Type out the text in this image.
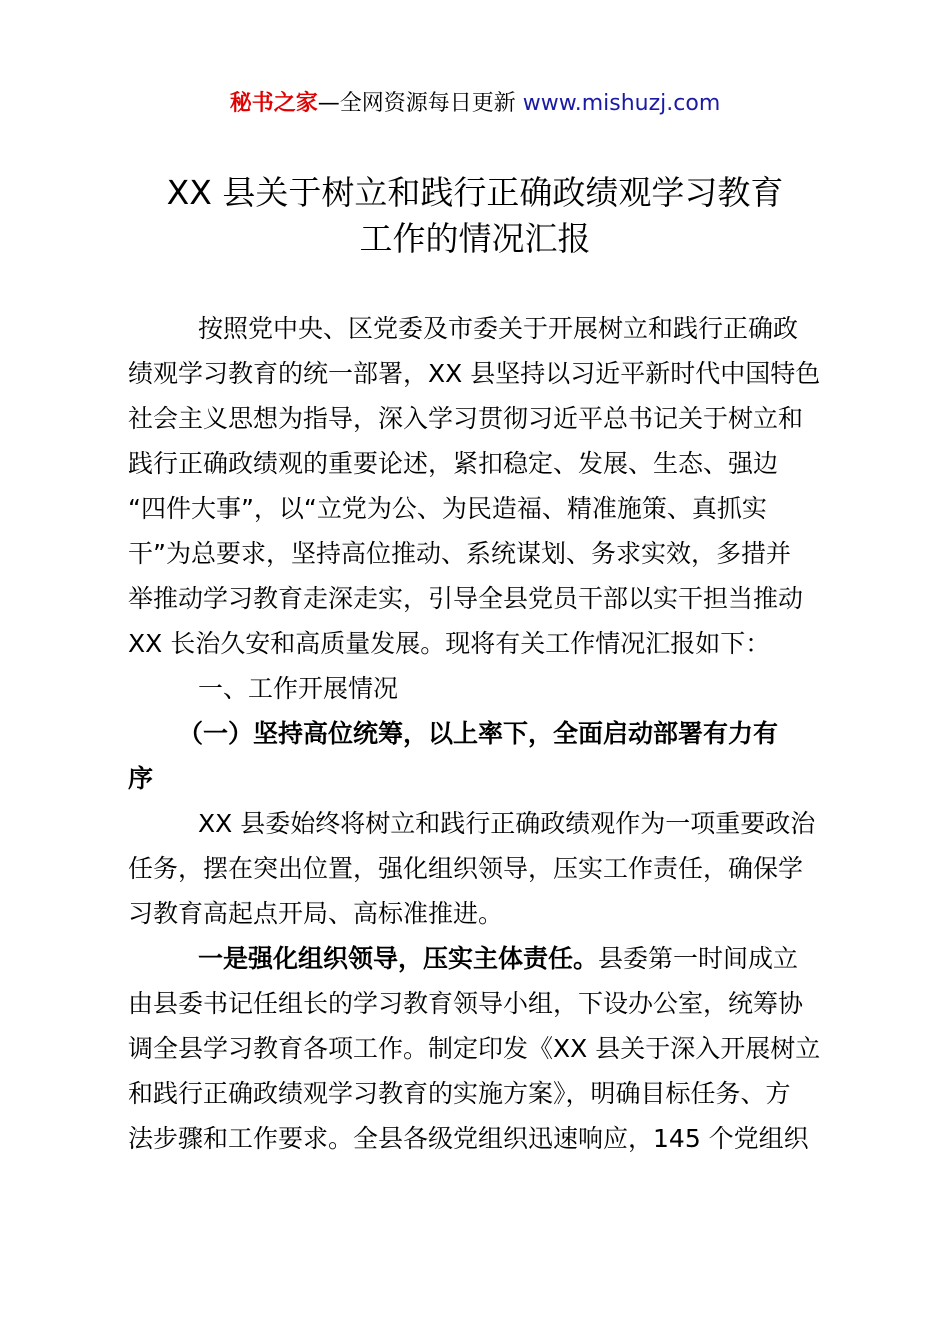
秘书之家—全网资源每日更新 www.mishuzj.com
XX 县关于树立和践行正确政绩观学习教育
工作的情况汇报
按照党中央、区党委及市委关于开展树立和践行正确政
绩观学习教育的统一部署，XX 县坚持以习近平新时代中国特色
社会主义思想为指导，深入学习贯彻习近平总书记关于树立和
践行正确政绩观的重要论述，紧扣稳定、发展、生态、强边
“四件大事”，以“立党为公、为民造福、精准施策、真抓实
干”为总要求，坚持高位推动、系统谋划、务求实效，多措并
举推动学习教育走深走实，引导全县党员干部以实干担当推动
XX 长治久安和高质量发展。现将有关工作情况汇报如下：
一、工作开展情况
（一）坚持高位统筹，以上率下，全面启动部署有力有
序
XX 县委始终将树立和践行正确政绩观作为一项重要政治
任务，摆在突出位置，强化组织领导，压实工作责任，确保学
习教育高起点开局、高标准推进。
一是强化组织领导，压实主体责任。县委第一时间成立
由县委书记任组长的学习教育领导小组，下设办公室，统筹协
调全县学习教育各项工作。制定印发《XX 县关于深入开展树立
和践行正确政绩观学习教育的实施方案》，明确目标任务、方
法步骤和工作要求。全县各级党组织迅速响应，145 个党组织
